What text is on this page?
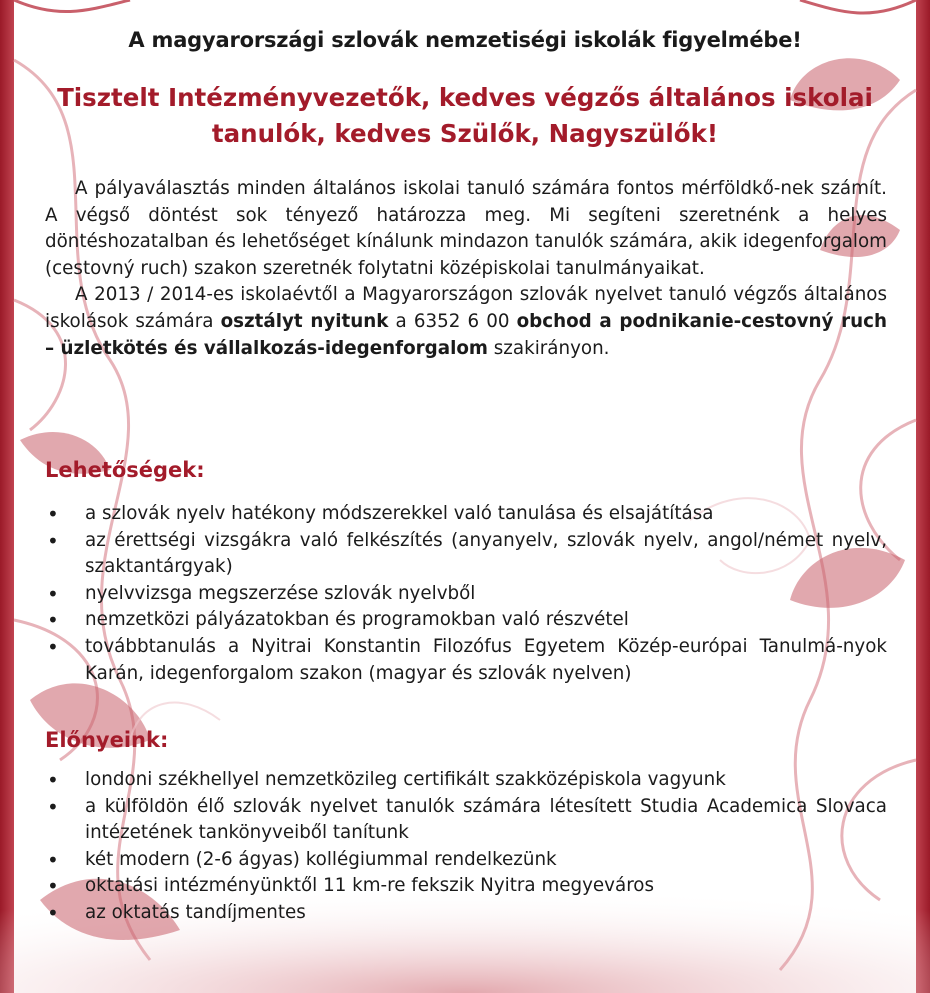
A magyarországi szlovák nemzetiségi iskolák figyelmébe!
Tisztelt Intézményvezetők, kedves végzős általános iskolai
tanulók, kedves Szülők, Nagyszülők!

A pályaválasztás minden általános iskolai tanuló számára fontos mérföldkő-nek számít. A végső döntést sok tényező határozza meg. Mi segíteni szeretnénk a helyes döntéshozatalban és lehetőséget kínálunk mindazon tanulók számára, akik idegenforgalom (cestovný ruch) szakon szeretnék folytatni középiskolai tanulmányaikat.

A 2013 / 2014-es iskolaévtől a Magyarországon szlovák nyelvet tanuló végzős általános iskolások számára osztályt nyitunk a 6352 6 00 obchod a podnikanie-cestovný ruch – üzletkötés és vállalkozás-idegenforgalom szakirányon.

Lehetőségek:
• a szlovák nyelv hatékony módszerekkel való tanulása és elsajátítása
• az érettségi vizsgákra való felkészítés (anyanyelv, szlovák nyelv, angol/német nyelv, szaktantárgyak)
• nyelvvizsga megszerzése szlovák nyelvből
• nemzetközi pályázatokban és programokban való részvétel
• továbbtanulás a Nyitrai Konstantin Filozófus Egyetem Közép-európai Tanulmá-nyok Karán, idegenforgalom szakon (magyar és szlovák nyelven)
Előnyeink:
• londoni székhellyel nemzetközileg certifikált szakközépiskola vagyunk
• a külföldön élő szlovák nyelvet tanulók számára létesített Studia Academica Slovaca intézetének tankönyveiből tanítunk
• két modern (2-6 ágyas) kollégiummal rendelkezünk
• oktatási intézményünktől 11 km-re fekszik Nyitra megyeváros
• az oktatás tandíjmentes
